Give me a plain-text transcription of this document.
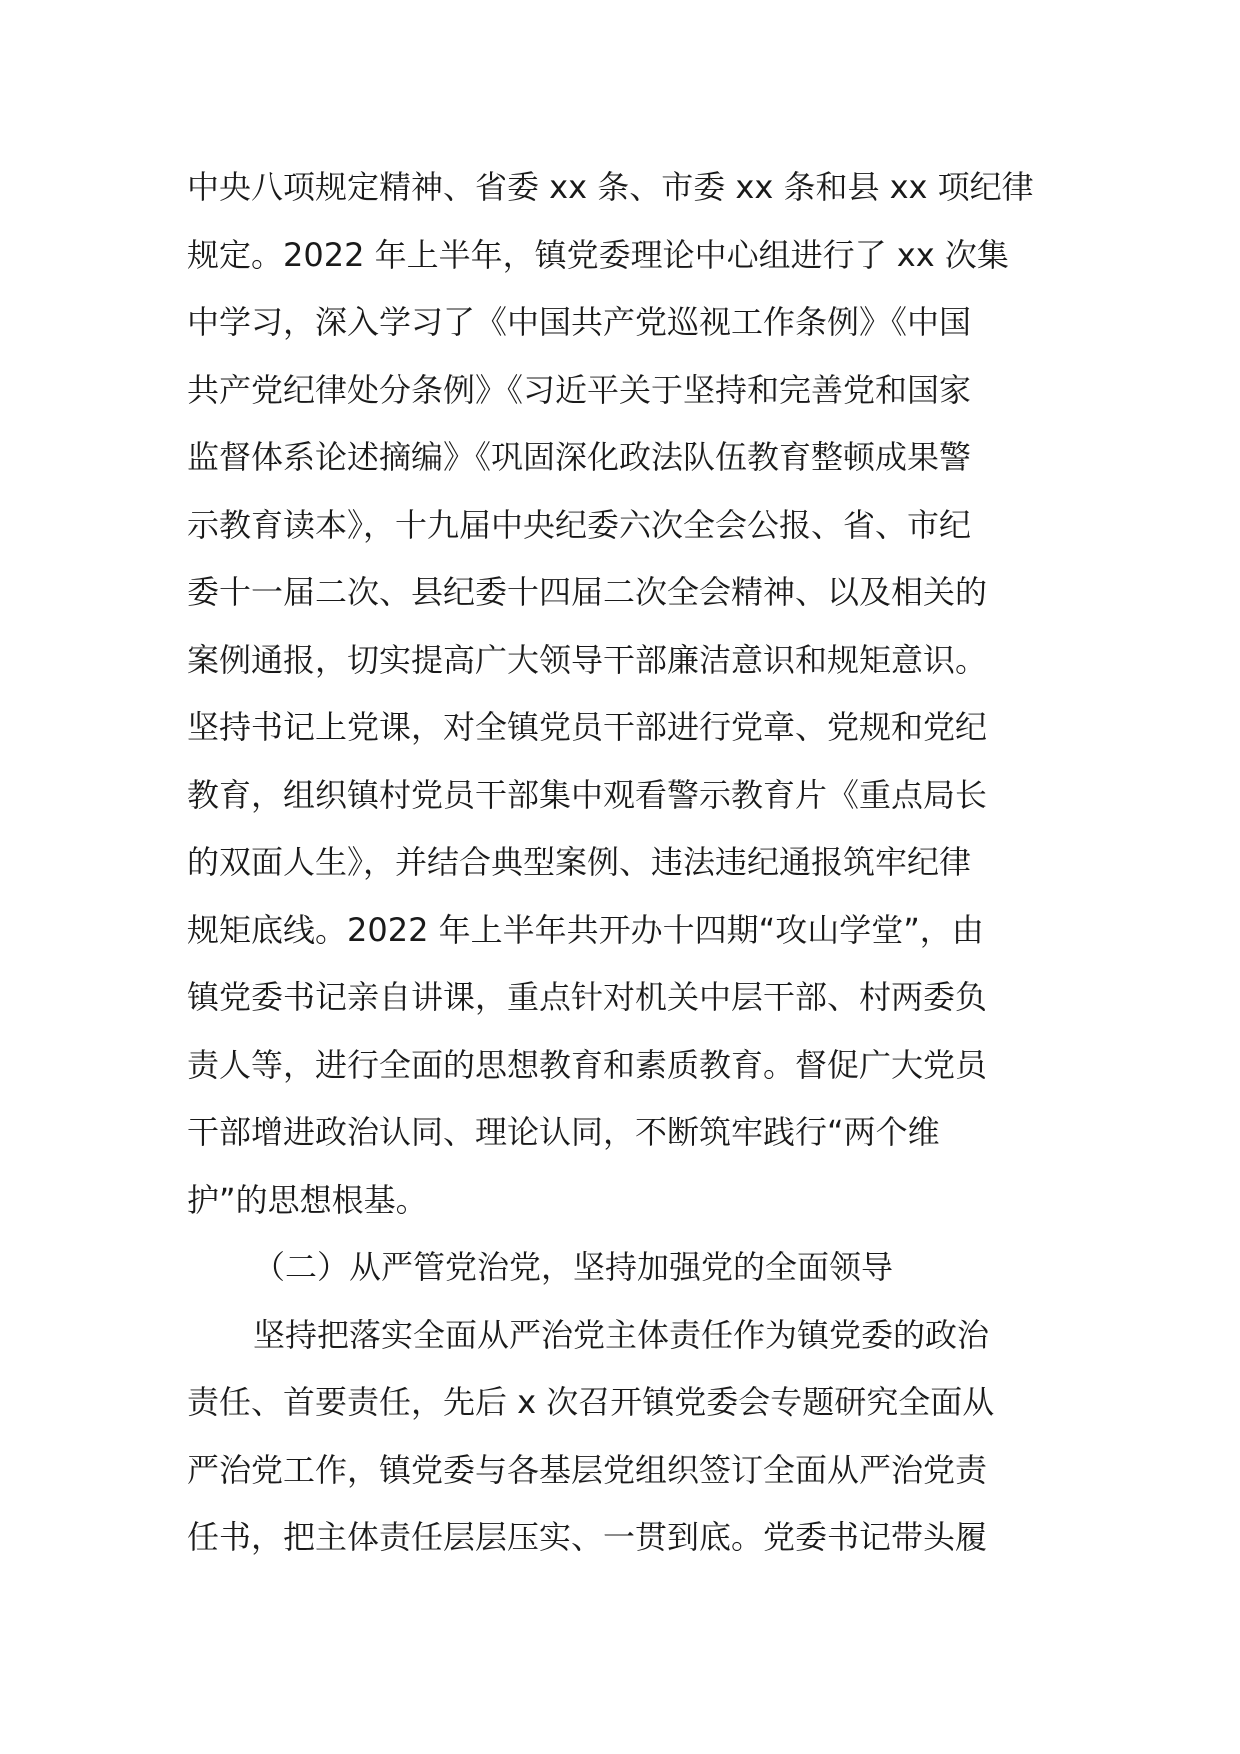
中央八项规定精神、省委 xx 条、市委 xx 条和县 xx 项纪律
规定。2022 年上半年，镇党委理论中心组进行了 xx 次集
中学习，深入学习了《中国共产党巡视工作条例》《中国
共产党纪律处分条例》《习近平关于坚持和完善党和国家
监督体系论述摘编》《巩固深化政法队伍教育整顿成果警
示教育读本》，十九届中央纪委六次全会公报、省、市纪
委十一届二次、县纪委十四届二次全会精神、以及相关的
案例通报，切实提高广大领导干部廉洁意识和规矩意识。
坚持书记上党课，对全镇党员干部进行党章、党规和党纪
教育，组织镇村党员干部集中观看警示教育片《重点局长
的双面人生》，并结合典型案例、违法违纪通报筑牢纪律
规矩底线。2022 年上半年共开办十四期“攻山学堂”，由
镇党委书记亲自讲课，重点针对机关中层干部、村两委负
责人等，进行全面的思想教育和素质教育。督促广大党员
干部增进政治认同、理论认同，不断筑牢践行“两个维
护”的思想根基。
（二）从严管党治党，坚持加强党的全面领导
坚持把落实全面从严治党主体责任作为镇党委的政治
责任、首要责任，先后 x 次召开镇党委会专题研究全面从
严治党工作，镇党委与各基层党组织签订全面从严治党责
任书，把主体责任层层压实、一贯到底。党委书记带头履
